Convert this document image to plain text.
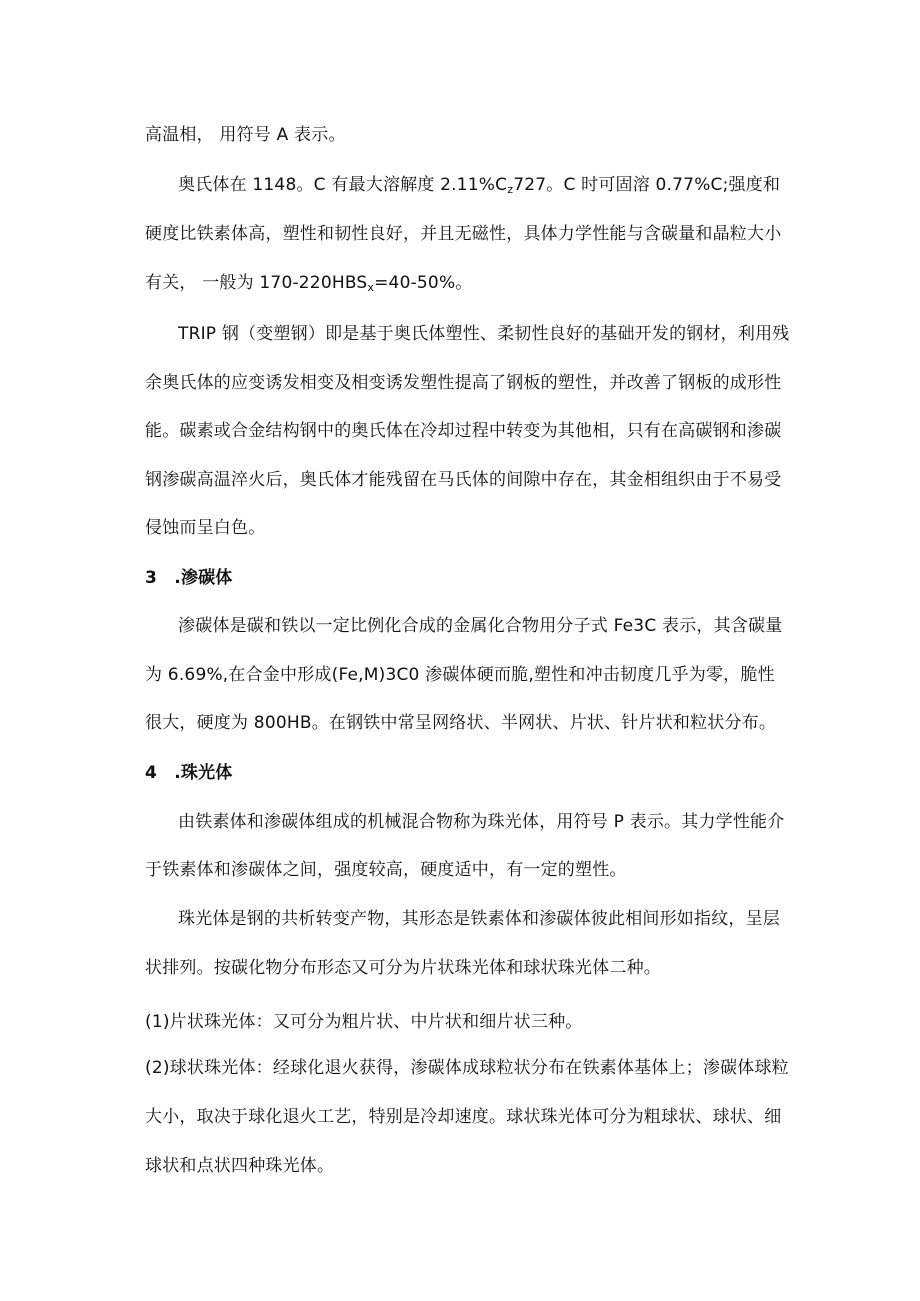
高温相， 用符号 A 表示。
奥氏体在 1148。C 有最大溶解度 $2.11\%C_z727$。C 时可固溶 0.77%C;强度和
硬度比铁素体高，塑性和韧性良好，并且无磁性，具体力学性能与含碳量和晶粒大小
有关， 一般为 $170-220HBS_x=40-50\%$。
TRIP 钢（变塑钢）即是基于奥氏体塑性、柔韧性良好的基础开发的钢材，利用残
余奥氏体的应变诱发相变及相变诱发塑性提高了钢板的塑性，并改善了钢板的成形性
能。碳素或合金结构钢中的奥氏体在冷却过程中转变为其他相，只有在高碳钢和渗碳
钢渗碳高温淬火后，奥氏体才能残留在马氏体的间隙中存在，其金相组织由于不易受
侵蚀而呈白色。
3　.渗碳体
渗碳体是碳和铁以一定比例化合成的金属化合物用分子式 Fe3C 表示，其含碳量
为 6.69%,在合金中形成(Fe,M)3C0 渗碳体硬而脆,塑性和冲击韧度几乎为零，脆性
很大，硬度为 800HB。在钢铁中常呈网络状、半网状、片状、针片状和粒状分布。
4　.珠光体
由铁素体和渗碳体组成的机械混合物称为珠光体，用符号 P 表示。其力学性能介
于铁素体和渗碳体之间，强度较高，硬度适中，有一定的塑性。
珠光体是钢的共析转变产物，其形态是铁素体和渗碳体彼此相间形如指纹，呈层
状排列。按碳化物分布形态又可分为片状珠光体和球状珠光体二种。
(1)片状珠光体：又可分为粗片状、中片状和细片状三种。
(2)球状珠光体：经球化退火获得，渗碳体成球粒状分布在铁素体基体上；渗碳体球粒
大小，取决于球化退火工艺，特别是冷却速度。球状珠光体可分为粗球状、球状、细
球状和点状四种珠光体。
